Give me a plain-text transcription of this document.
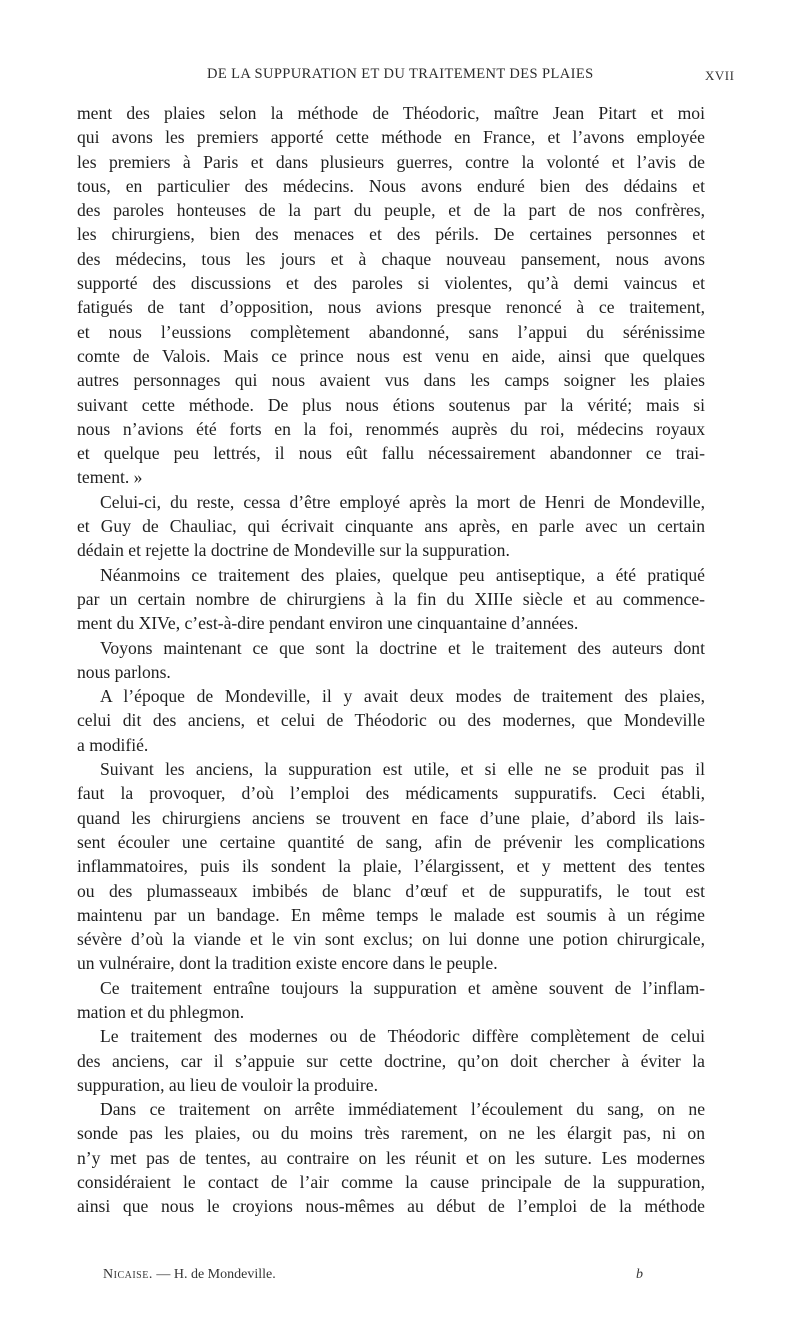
DE LA SUPPURATION ET DU TRAITEMENT DES PLAIES	XVII
ment des plaies selon la méthode de Théodoric, maître Jean Pitart et moi
qui avons les premiers apporté cette méthode en France, et l’avons employée
les premiers à Paris et dans plusieurs guerres, contre la volonté et l’avis de
tous, en particulier des médecins. Nous avons enduré bien des dédains et
des paroles honteuses de la part du peuple, et de la part de nos confrères,
les chirurgiens, bien des menaces et des périls. De certaines personnes et
des médecins, tous les jours et à chaque nouveau pansement, nous avons
supporté des discussions et des paroles si violentes, qu’à demi vaincus et
fatigués de tant d’opposition, nous avions presque renoncé à ce traitement,
et nous l’eussions complètement abandonné, sans l’appui du sérénissime
comte de Valois. Mais ce prince nous est venu en aide, ainsi que quelques
autres personnages qui nous avaient vus dans les camps soigner les plaies
suivant cette méthode. De plus nous étions soutenus par la vérité; mais si
nous n’avions été forts en la foi, renommés auprès du roi, médecins royaux
et quelque peu lettrés, il nous eût fallu nécessairement abandonner ce trai-
tement. »
Celui-ci, du reste, cessa d’être employé après la mort de Henri de Mondeville,
et Guy de Chauliac, qui écrivait cinquante ans après, en parle avec un certain
dédain et rejette la doctrine de Mondeville sur la suppuration.
Néanmoins ce traitement des plaies, quelque peu antiseptique, a été pratiqué
par un certain nombre de chirurgiens à la fin du XIIIe siècle et au commence-
ment du XIVe, c’est-à-dire pendant environ une cinquantaine d’années.
Voyons maintenant ce que sont la doctrine et le traitement des auteurs dont
nous parlons.
A l’époque de Mondeville, il y avait deux modes de traitement des plaies,
celui dit des anciens, et celui de Théodoric ou des modernes, que Mondeville
a modifié.
Suivant les anciens, la suppuration est utile, et si elle ne se produit pas il
faut la provoquer, d’où l’emploi des médicaments suppuratifs. Ceci établi,
quand les chirurgiens anciens se trouvent en face d’une plaie, d’abord ils lais-
sent écouler une certaine quantité de sang, afin de prévenir les complications
inflammatoires, puis ils sondent la plaie, l’élargissent, et y mettent des tentes
ou des plumasseaux imbibés de blanc d’œuf et de suppuratifs, le tout est
maintenu par un bandage. En même temps le malade est soumis à un régime
sévère d’où la viande et le vin sont exclus; on lui donne une potion chirurgicale,
un vulnéraire, dont la tradition existe encore dans le peuple.
Ce traitement entraîne toujours la suppuration et amène souvent de l’inflam-
mation et du phlegmon.
Le traitement des modernes ou de Théodoric diffère complètement de celui
des anciens, car il s’appuie sur cette doctrine, qu’on doit chercher à éviter la
suppuration, au lieu de vouloir la produire.
Dans ce traitement on arrête immédiatement l’écoulement du sang, on ne
sonde pas les plaies, ou du moins très rarement, on ne les élargit pas, ni on
n’y met pas de tentes, au contraire on les réunit et on les suture. Les modernes
considéraient le contact de l’air comme la cause principale de la suppuration,
ainsi que nous le croyions nous-mêmes au début de l’emploi de la méthode
Nicaise. — H. de Mondeville.	b
